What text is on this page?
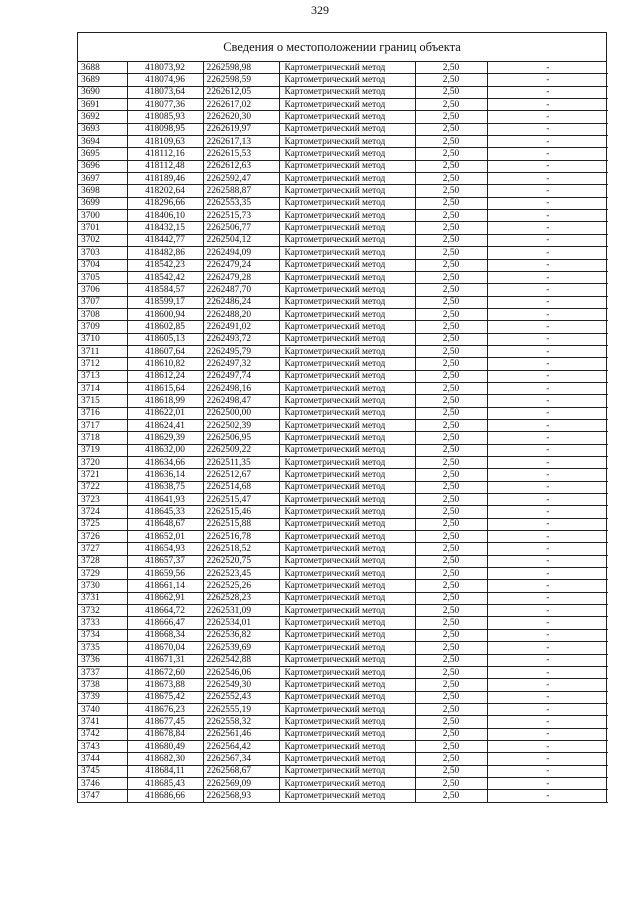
329
Сведения о местоположении границ объекта
3688	418073,92	2262598,98	Картометрический метод	2,50	-
3689	418074,96	2262598,59	Картометрический метод	2,50	-
3690	418073,64	2262612,05	Картометрический метод	2,50	-
3691	418077,36	2262617,02	Картометрический метод	2,50	-
3692	418085,93	2262620,30	Картометрический метод	2,50	-
3693	418098,95	2262619,97	Картометрический метод	2,50	-
3694	418109,63	2262617,13	Картометрический метод	2,50	-
3695	418112,16	2262615,53	Картометрический метод	2,50	-
3696	418112,48	2262612,63	Картометрический метод	2,50	-
3697	418189,46	2262592,47	Картометрический метод	2,50	-
3698	418202,64	2262588,87	Картометрический метод	2,50	-
3699	418296,66	2262553,35	Картометрический метод	2,50	-
3700	418406,10	2262515,73	Картометрический метод	2,50	-
3701	418432,15	2262506,77	Картометрический метод	2,50	-
3702	418442,77	2262504,12	Картометрический метод	2,50	-
3703	418482,86	2262494,09	Картометрический метод	2,50	-
3704	418542,23	2262479,24	Картометрический метод	2,50	-
3705	418542,42	2262479,28	Картометрический метод	2,50	-
3706	418584,57	2262487,70	Картометрический метод	2,50	-
3707	418599,17	2262486,24	Картометрический метод	2,50	-
3708	418600,94	2262488,20	Картометрический метод	2,50	-
3709	418602,85	2262491,02	Картометрический метод	2,50	-
3710	418605,13	2262493,72	Картометрический метод	2,50	-
3711	418607,64	2262495,79	Картометрический метод	2,50	-
3712	418610,82	2262497,32	Картометрический метод	2,50	-
3713	418612,24	2262497,74	Картометрический метод	2,50	-
3714	418615,64	2262498,16	Картометрический метод	2,50	-
3715	418618,99	2262498,47	Картометрический метод	2,50	-
3716	418622,01	2262500,00	Картометрический метод	2,50	-
3717	418624,41	2262502,39	Картометрический метод	2,50	-
3718	418629,39	2262506,95	Картометрический метод	2,50	-
3719	418632,00	2262509,22	Картометрический метод	2,50	-
3720	418634,66	2262511,35	Картометрический метод	2,50	-
3721	418636,14	2262512,67	Картометрический метод	2,50	-
3722	418638,75	2262514,68	Картометрический метод	2,50	-
3723	418641,93	2262515,47	Картометрический метод	2,50	-
3724	418645,33	2262515,46	Картометрический метод	2,50	-
3725	418648,67	2262515,88	Картометрический метод	2,50	-
3726	418652,01	2262516,78	Картометрический метод	2,50	-
3727	418654,93	2262518,52	Картометрический метод	2,50	-
3728	418657,37	2262520,75	Картометрический метод	2,50	-
3729	418659,56	2262523,45	Картометрический метод	2,50	-
3730	418661,14	2262525,26	Картометрический метод	2,50	-
3731	418662,91	2262528,23	Картометрический метод	2,50	-
3732	418664,72	2262531,09	Картометрический метод	2,50	-
3733	418666,47	2262534,01	Картометрический метод	2,50	-
3734	418668,34	2262536,82	Картометрический метод	2,50	-
3735	418670,04	2262539,69	Картометрический метод	2,50	-
3736	418671,31	2262542,88	Картометрический метод	2,50	-
3737	418672,60	2262546,06	Картометрический метод	2,50	-
3738	418673,88	2262549,30	Картометрический метод	2,50	-
3739	418675,42	2262552,43	Картометрический метод	2,50	-
3740	418676,23	2262555,19	Картометрический метод	2,50	-
3741	418677,45	2262558,32	Картометрический метод	2,50	-
3742	418678,84	2262561,46	Картометрический метод	2,50	-
3743	418680,49	2262564,42	Картометрический метод	2,50	-
3744	418682,30	2262567,34	Картометрический метод	2,50	-
3745	418684,11	2262568,67	Картометрический метод	2,50	-
3746	418685,43	2262569,09	Картометрический метод	2,50	-
3747	418686,66	2262568,93	Картометрический метод	2,50	-
